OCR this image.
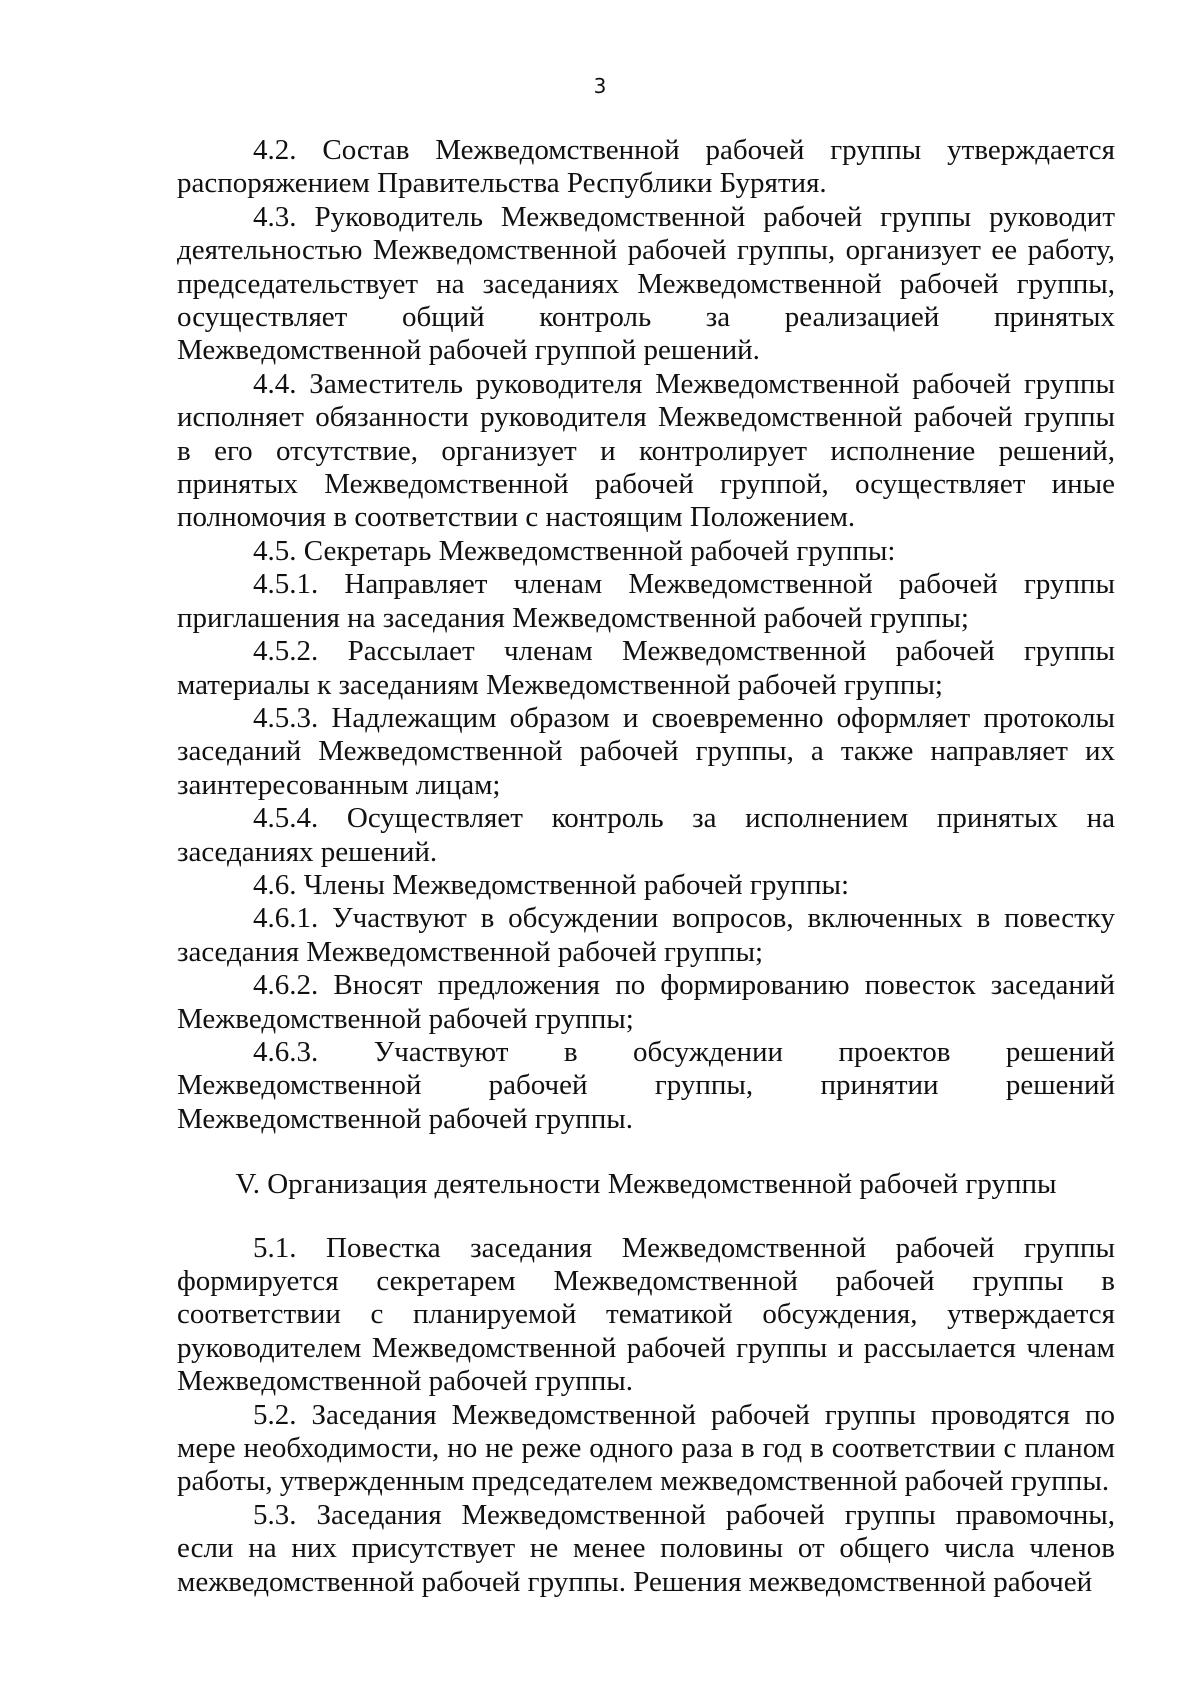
3

4.2. Состав Межведомственной рабочей группы утверждается распоряжением Правительства Республики Бурятия.

4.3. Руководитель Межведомственной рабочей группы руководит деятельностью Межведомственной рабочей группы, организует ее работу, председательствует на заседаниях Межведомственной рабочей группы, осуществляет общий контроль за реализацией принятых Межведомственной рабочей группой решений.

4.4. Заместитель руководителя Межведомственной рабочей группы исполняет обязанности руководителя Межведомственной рабочей группы в его отсутствие, организует и контролирует исполнение решений, принятых Межведомственной рабочей группой, осуществляет иные полномочия в соответствии с настоящим Положением.

4.5. Секретарь Межведомственной рабочей группы:

4.5.1. Направляет членам Межведомственной рабочей группы приглашения на заседания Межведомственной рабочей группы;

4.5.2. Рассылает членам Межведомственной рабочей группы материалы к заседаниям Межведомственной рабочей группы;

4.5.3. Надлежащим образом и своевременно оформляет протоколы заседаний Межведомственной рабочей группы, а также направляет их заинтересованным лицам;

4.5.4. Осуществляет контроль за исполнением принятых на заседаниях решений.

4.6. Члены Межведомственной рабочей группы:

4.6.1. Участвуют в обсуждении вопросов, включенных в повестку заседания Межведомственной рабочей группы;

4.6.2. Вносят предложения по формированию повесток заседаний Межведомственной рабочей группы;

4.6.3. Участвуют в обсуждении проектов решений Межведомственной рабочей группы, принятии решений Межведомственной рабочей группы.

V. Организация деятельности Межведомственной рабочей группы

5.1. Повестка заседания Межведомственной рабочей группы формируется секретарем Межведомственной рабочей группы в соответствии с планируемой тематикой обсуждения, утверждается руководителем Межведомственной рабочей группы и рассылается членам Межведомственной рабочей группы.

5.2. Заседания Межведомственной рабочей группы проводятся по мере необходимости, но не реже одного раза в год в соответствии с планом работы, утвержденным председателем межведомственной рабочей группы.

5.3. Заседания Межведомственной рабочей группы правомочны, если на них присутствует не менее половины от общего числа членов межведомственной рабочей группы. Решения межведомственной рабочей
